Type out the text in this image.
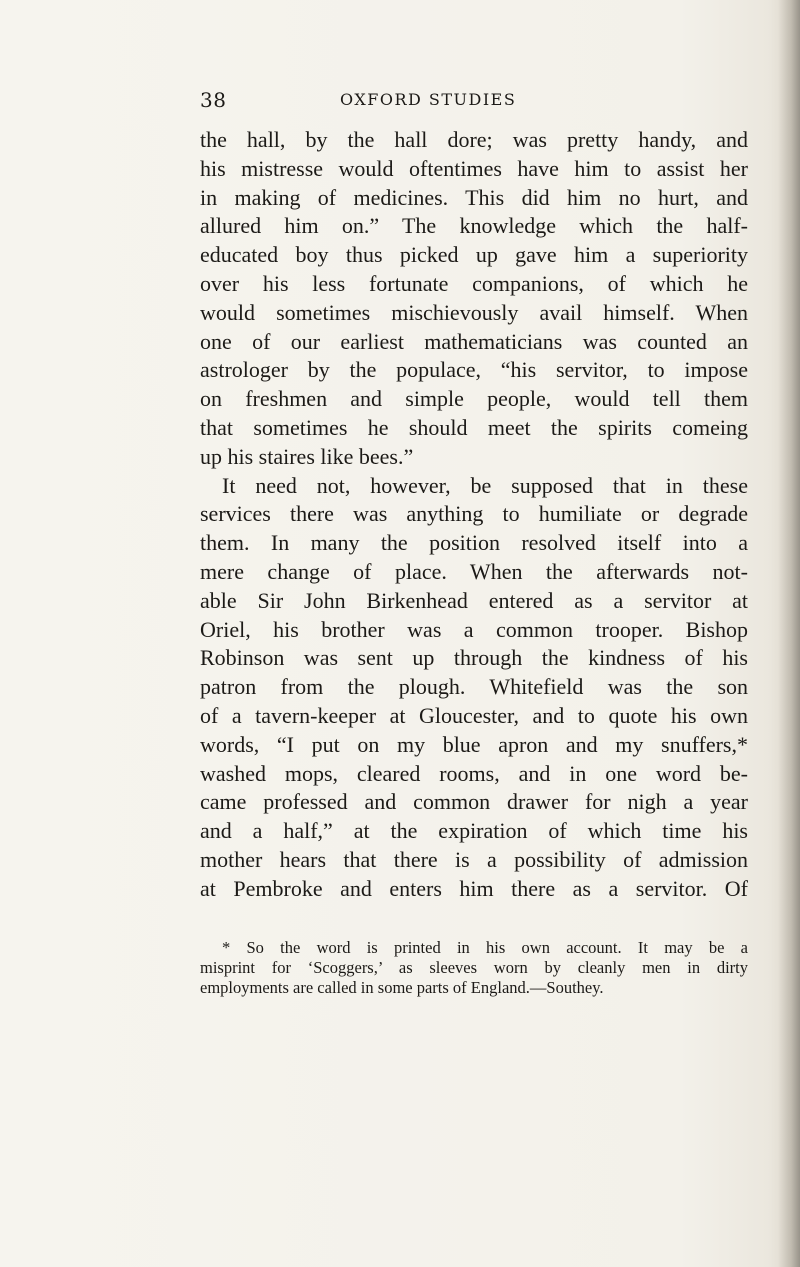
38	OXFORD STUDIES
the hall, by the hall dore; was pretty handy, and
his mistresse would oftentimes have him to assist her
in making of medicines. This did him no hurt, and
allured him on.” The knowledge which the half-
educated boy thus picked up gave him a superiority
over his less fortunate companions, of which he
would sometimes mischievously avail himself. When
one of our earliest mathematicians was counted an
astrologer by the populace, “his servitor, to impose
on freshmen and simple people, would tell them
that sometimes he should meet the spirits comeing
up his staires like bees.”
It need not, however, be supposed that in these
services there was anything to humiliate or degrade
them. In many the position resolved itself into a
mere change of place. When the afterwards not-
able Sir John Birkenhead entered as a servitor at
Oriel, his brother was a common trooper. Bishop
Robinson was sent up through the kindness of his
patron from the plough. Whitefield was the son
of a tavern-keeper at Gloucester, and to quote his own
words, “I put on my blue apron and my snuffers,*
washed mops, cleared rooms, and in one word be-
came professed and common drawer for nigh a year
and a half,” at the expiration of which time his
mother hears that there is a possibility of admission
at Pembroke and enters him there as a servitor. Of
* So the word is printed in his own account. It may be a
misprint for ‘Scoggers,’ as sleeves worn by cleanly men in dirty
employments are called in some parts of England.—Southey.
